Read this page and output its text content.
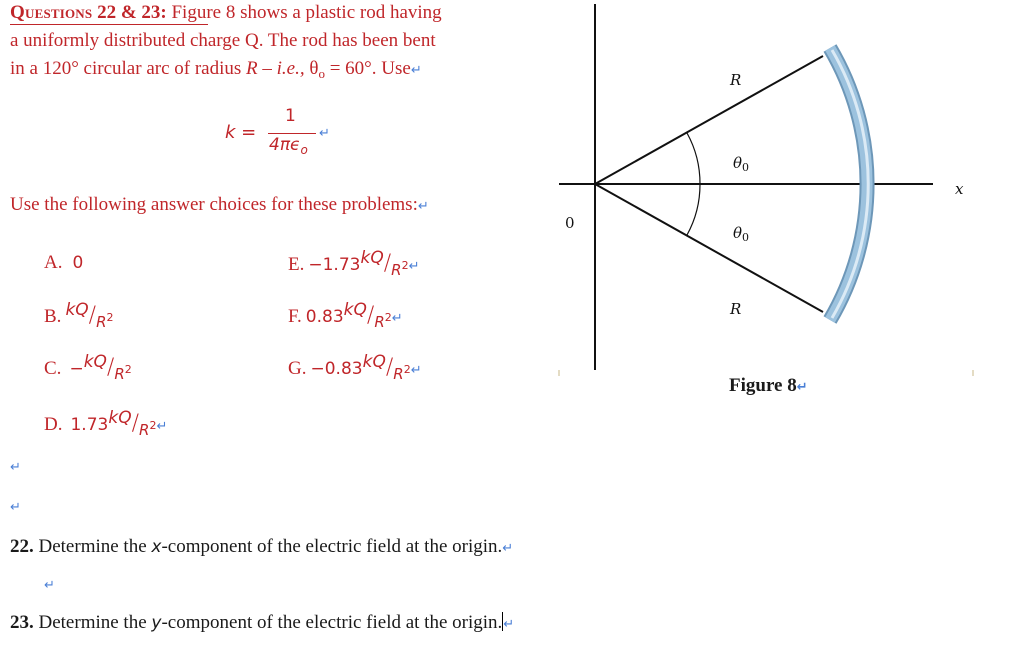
Questions 22 & 23: Figure 8 shows a plastic rod having
a uniformly distributed charge Q. The rod has been bent
in a 120° circular arc of radius R – i.e., $\theta_o = 60^\circ$. Use↵
k =
1
$4\pi\epsilon_o$
↵
Use the following answer choices for these problems:↵
A. 0
B. $kQ/R^2$
C. $-kQ/R^2$
D. $1.73kQ/R^2↵$
E. $-1.73kQ/R^2↵$
F. $0.83kQ/R^2↵$
G. $-0.83kQ/R^2↵$
↵
↵
↵
22. Determine the x-component of the electric field at the origin.↵
23. Determine the y-component of the electric field at the origin.↵
R
R
$\theta_0$
$\theta_0$
x
0
Figure 8↵
